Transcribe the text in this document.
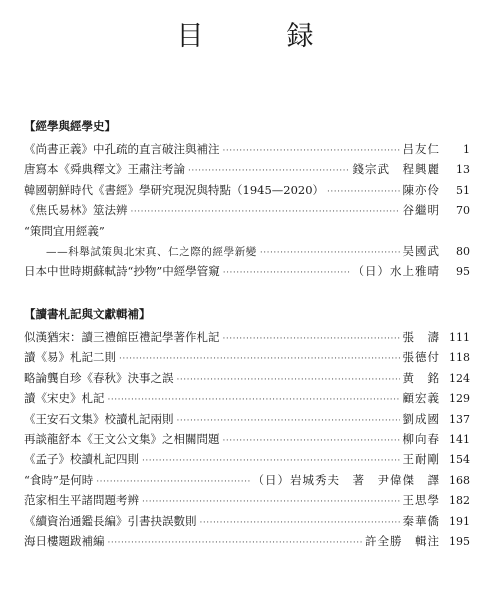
目　録
【經學與經學史】
《尚書正義》中孔疏的直言破注與補注 ·····	吕友仁	1
唐寫本《舜典釋文》王肅注考論 ·····	錢宗武　程興麗	13
韓國朝鮮時代《書經》學研究現況與特點（1945—2020） ·····	陳亦伶	51
《焦氏易林》筮法辨 ·····	谷繼明	70
“策問宜用經義”
——科舉試策與北宋真、仁之際的經學新變 ·····	吴國武	80
日本中世時期蘇軾詩“抄物”中經學管窺 ·····	（日）水上雅晴	95
【讀書札記與文獻輯補】
似漢猶宋：讀三禮館臣禮記學著作札記 ·····	張　濤 111
讀《易》札記二則 ·····	張德付 118
略論龔自珍《春秋》決事之誤 ·····	黄　銘 124
讀《宋史》札記 ·····	顧宏義 129
《王安石文集》校讀札記兩則 ·····	劉成國 137
再談龍舒本《王文公文集》之相關問題 ·····	柳向春 141
《孟子》校讀札記四則 ·····	王耐剛 154
“食時”是何時 ·····	（日）岩城秀夫　著　尹偉傑　譯 168
范家相生平諸問題考辨 ·····	王思學 182
《續資治通鑑長編》引書抉誤數則 ·····	秦華僑 191
海日樓題跋補編 ·····	許全勝　輯注 195
